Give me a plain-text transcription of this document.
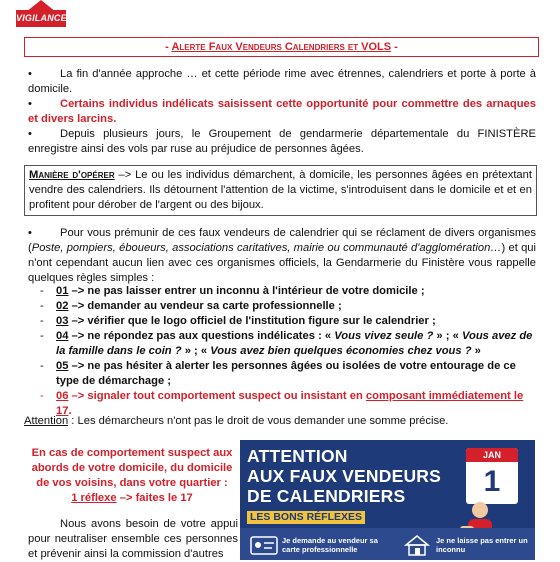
VIGILANCE
- Alerte Faux Vendeurs Calendriers et VOLS -
•	La fin d'année approche … et cette période rime avec étrennes, calendriers et porte à porte à domicile.
•	Certains individus indélicats saisissent cette opportunité pour commettre des arnaques et divers larcins.
•	Depuis plusieurs jours, le Groupement de gendarmerie départementale du FINISTÈRE enregistre ainsi des vols par ruse au préjudice de personnes âgées.
Manière d'opérer –> Le ou les individus démarchent, à domicile, les personnes âgées en prétextant vendre des calendriers. Ils détournent l'attention de la victime, s'introduisent dans le domicile et et en profitent pour dérober de l'argent ou des bijoux.
•	Pour vous prémunir de ces faux vendeurs de calendrier qui se réclament de divers organismes (Poste, pompiers, éboueurs, associations caritatives, mairie ou communauté d'agglomération…) et qui n'ont cependant aucun lien avec ces organismes officiels, la Gendarmerie du Finistère vous rappelle quelques règles simples :
- 01 –> ne pas laisser entrer un inconnu à l'intérieur de votre domicile ;
- 02 –> demander au vendeur sa carte professionnelle ;
- 03 –> vérifier que le logo officiel de l'institution figure sur le calendrier ;
- 04 –> ne répondez pas aux questions indélicates : « Vous vivez seule ? » ; « Vous avez de la famille dans le coin ? » ; « Vous avez bien quelques économies chez vous ? »
- 05 –> ne pas hésiter à alerter les personnes âgées ou isolées de votre entourage de ce type de démarchage ;
- 06 –> signaler tout comportement suspect ou insistant en composant immédiatement le 17.
Attention : Les démarcheurs n'ont pas le droit de vous demander une somme précise.
En cas de comportement suspect aux abords de votre domicile, du domicile de vos voisins, dans votre quartier :
1 réflexe –> faites le 17
Nous avons besoin de votre appui pour neutraliser ensemble ces personnes et prévenir ainsi la commission d'autres
ATTENTION
AUX FAUX VENDEURS
DE CALENDRIERS
LES BONS RÉFLEXES
JAN
1
Je demande au vendeur sa carte professionnelle
Je ne laisse pas entrer un inconnu
